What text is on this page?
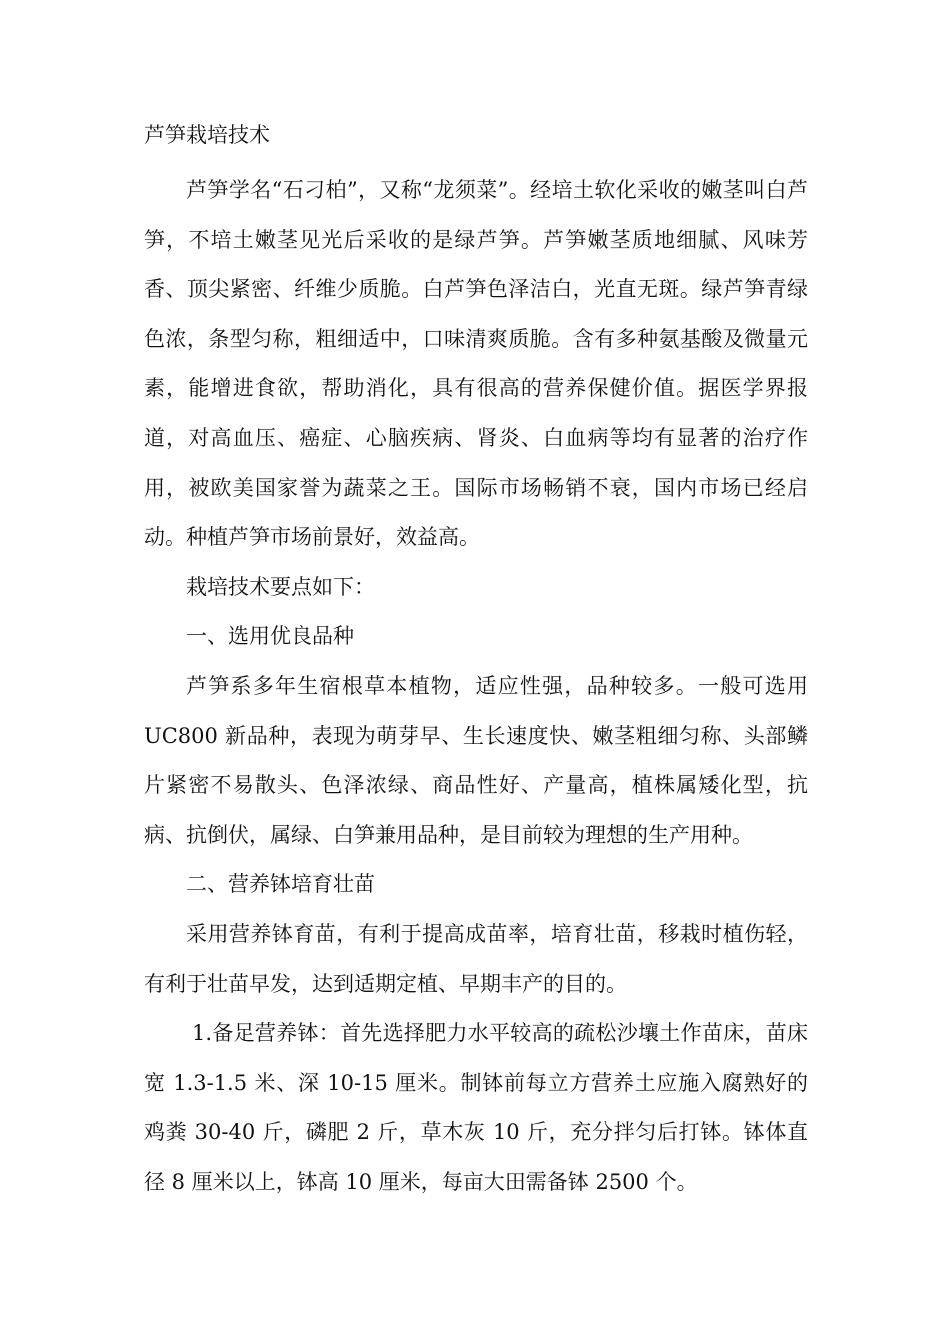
芦笋栽培技术

芦笋学名“石刁柏”，又称“龙须菜”。经培土软化采收的嫩茎叫白芦笋，不培土嫩茎见光后采收的是绿芦笋。芦笋嫩茎质地细腻、风味芳香、顶尖紧密、纤维少质脆。白芦笋色泽洁白，光直无斑。绿芦笋青绿色浓，条型匀称，粗细适中，口味清爽质脆。含有多种氨基酸及微量元素，能增进食欲，帮助消化，具有很高的营养保健价值。据医学界报道，对高血压、癌症、心脑疾病、肾炎、白血病等均有显著的治疗作用，被欧美国家誉为蔬菜之王。国际市场畅销不衰，国内市场已经启动。种植芦笋市场前景好，效益高。

栽培技术要点如下：

一、选用优良品种

芦笋系多年生宿根草本植物，适应性强，品种较多。一般可选用 UC800 新品种，表现为萌芽早、生长速度快、嫩茎粗细匀称、头部鳞片紧密不易散头、色泽浓绿、商品性好、产量高，植株属矮化型，抗病、抗倒伏，属绿、白笋兼用品种，是目前较为理想的生产用种。

二、营养钵培育壮苗

采用营养钵育苗，有利于提高成苗率，培育壮苗，移栽时植伤轻，有利于壮苗早发，达到适期定植、早期丰产的目的。

1.备足营养钵：首先选择肥力水平较高的疏松沙壤土作苗床，苗床宽 1.3-1.5 米、深 10-15 厘米。制钵前每立方营养土应施入腐熟好的鸡粪 30-40 斤，磷肥 2 斤，草木灰 10 斤，充分拌匀后打钵。钵体直径 8 厘米以上，钵高 10 厘米，每亩大田需备钵 2500 个。
